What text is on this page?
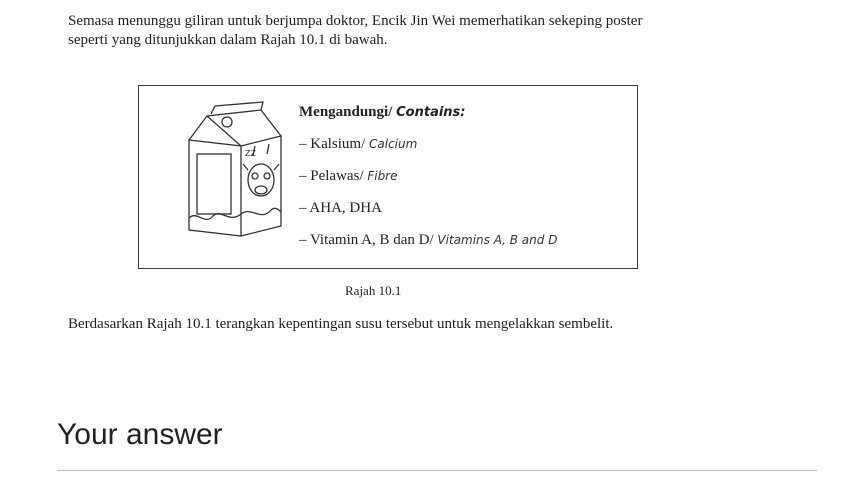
Semasa menunggu giliran untuk berjumpa doktor, Encik Jin Wei memerhatikan sekeping poster
seperti yang ditunjukkan dalam Rajah 10.1 di bawah.
ZZ
Mengandungi/ Contains:
– Kalsium/ Calcium
– Pelawas/ Fibre
– AHA, DHA
– Vitamin A, B dan D/ Vitamins A, B and D
Rajah 10.1
Berdasarkan Rajah 10.1 terangkan kepentingan susu tersebut untuk mengelakkan sembelit.
Your answer
